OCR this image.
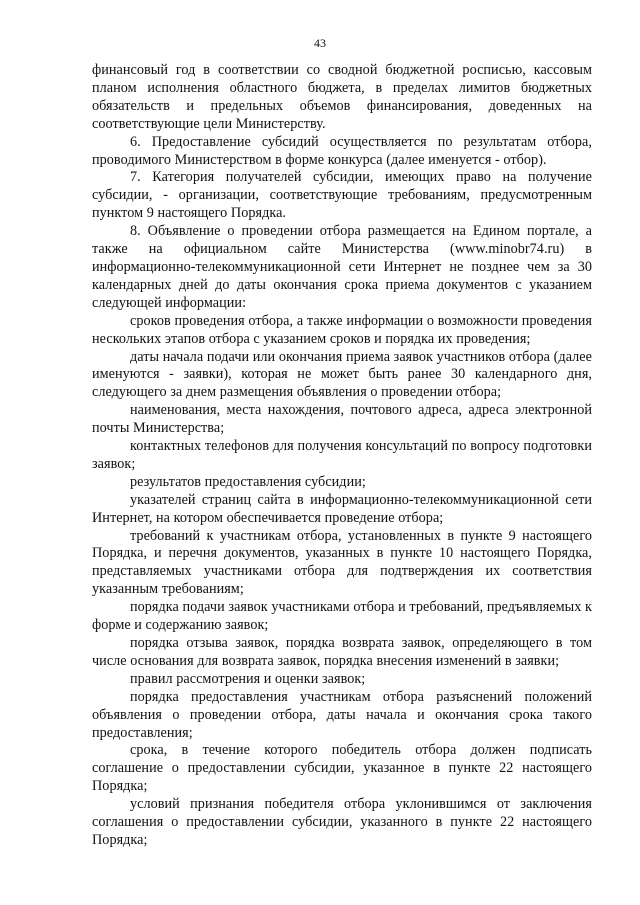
43

финансовый год в соответствии со сводной бюджетной росписью, кассовым планом исполнения областного бюджета, в пределах лимитов бюджетных обязательств и предельных объемов финансирования, доведенных на соответствующие цели Министерству.

6. Предоставление субсидий осуществляется по результатам отбора, проводимого Министерством в форме конкурса (далее именуется - отбор).

7. Категория получателей субсидии, имеющих право на получение субсидии, - организации, соответствующие требованиям, предусмотренным пунктом 9 настоящего Порядка.

8. Объявление о проведении отбора размещается на Едином портале, а также на официальном сайте Министерства (www.minobr74.ru) в информационно-телекоммуникационной сети Интернет не позднее чем за 30 календарных дней до даты окончания срока приема документов с указанием следующей информации:

сроков проведения отбора, а также информации о возможности проведения нескольких этапов отбора с указанием сроков и порядка их проведения;

даты начала подачи или окончания приема заявок участников отбора (далее именуются - заявки), которая не может быть ранее 30 календарного дня, следующего за днем размещения объявления о проведении отбора;

наименования, места нахождения, почтового адреса, адреса электронной почты Министерства;

контактных телефонов для получения консультаций по вопросу подготовки заявок;

результатов предоставления субсидии;

указателей страниц сайта в информационно-телекоммуникационной сети Интернет, на котором обеспечивается проведение отбора;

требований к участникам отбора, установленных в пункте 9 настоящего Порядка, и перечня документов, указанных в пункте 10 настоящего Порядка, представляемых участниками отбора для подтверждения их соответствия указанным требованиям;

порядка подачи заявок участниками отбора и требований, предъявляемых к форме и содержанию заявок;

порядка отзыва заявок, порядка возврата заявок, определяющего в том числе основания для возврата заявок, порядка внесения изменений в заявки;

правил рассмотрения и оценки заявок;

порядка предоставления участникам отбора разъяснений положений объявления о проведении отбора, даты начала и окончания срока такого предоставления;

срока, в течение которого победитель отбора должен подписать соглашение о предоставлении субсидии, указанное в пункте 22 настоящего Порядка;

условий признания победителя отбора уклонившимся от заключения соглашения о предоставлении субсидии, указанного в пункте 22 настоящего Порядка;
